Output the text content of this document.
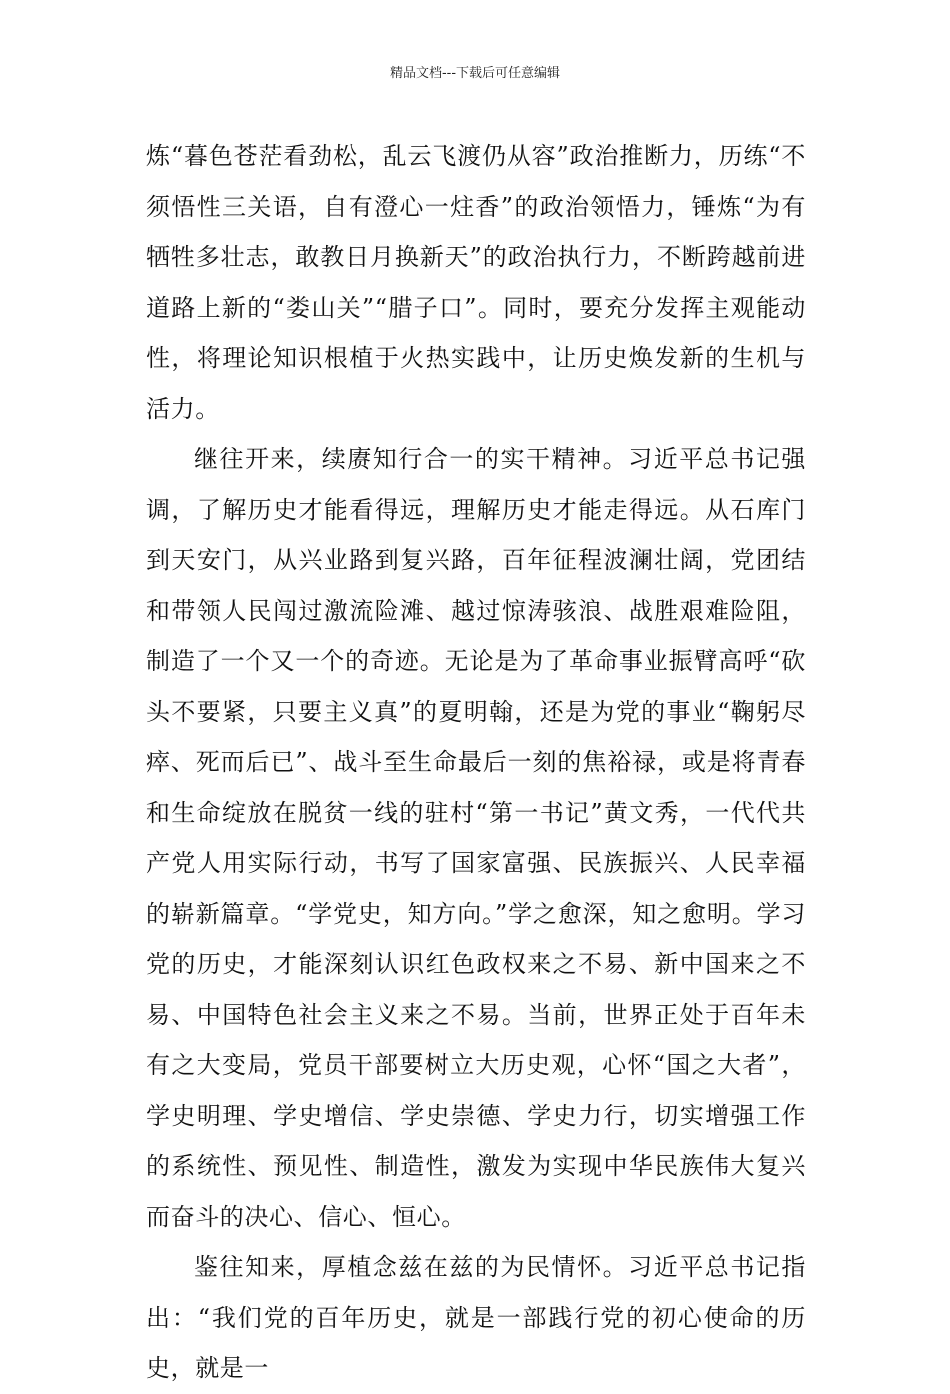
精品文档---下载后可任意编辑

炼“暮色苍茫看劲松，乱云飞渡仍从容”政治推断力，历练“不须悟性三关语，自有澄心一炷香”的政治领悟力，锤炼“为有牺牲多壮志，敢教日月换新天”的政治执行力，不断跨越前进道路上新的“娄山关”“腊子口”。同时，要充分发挥主观能动性，将理论知识根植于火热实践中，让历史焕发新的生机与活力。

继往开来，续赓知行合一的实干精神。习近平总书记强调，了解历史才能看得远，理解历史才能走得远。从石库门到天安门，从兴业路到复兴路，百年征程波澜壮阔，党团结和带领人民闯过激流险滩、越过惊涛骇浪、战胜艰难险阻，制造了一个又一个的奇迹。无论是为了革命事业振臂高呼“砍头不要紧，只要主义真”的夏明翰，还是为党的事业“鞠躬尽瘁、死而后已”、战斗至生命最后一刻的焦裕禄，或是将青春和生命绽放在脱贫一线的驻村“第一书记”黄文秀，一代代共产党人用实际行动，书写了国家富强、民族振兴、人民幸福的崭新篇章。“学党史，知方向。”学之愈深，知之愈明。学习党的历史，才能深刻认识红色政权来之不易、新中国来之不易、中国特色社会主义来之不易。当前，世界正处于百年未有之大变局，党员干部要树立大历史观，心怀“国之大者”，学史明理、学史增信、学史崇德、学史力行，切实增强工作的系统性、预见性、制造性，激发为实现中华民族伟大复兴而奋斗的决心、信心、恒心。

鉴往知来，厚植念兹在兹的为民情怀。习近平总书记指出：“我们党的百年历史，就是一部践行党的初心使命的历史，就是一
